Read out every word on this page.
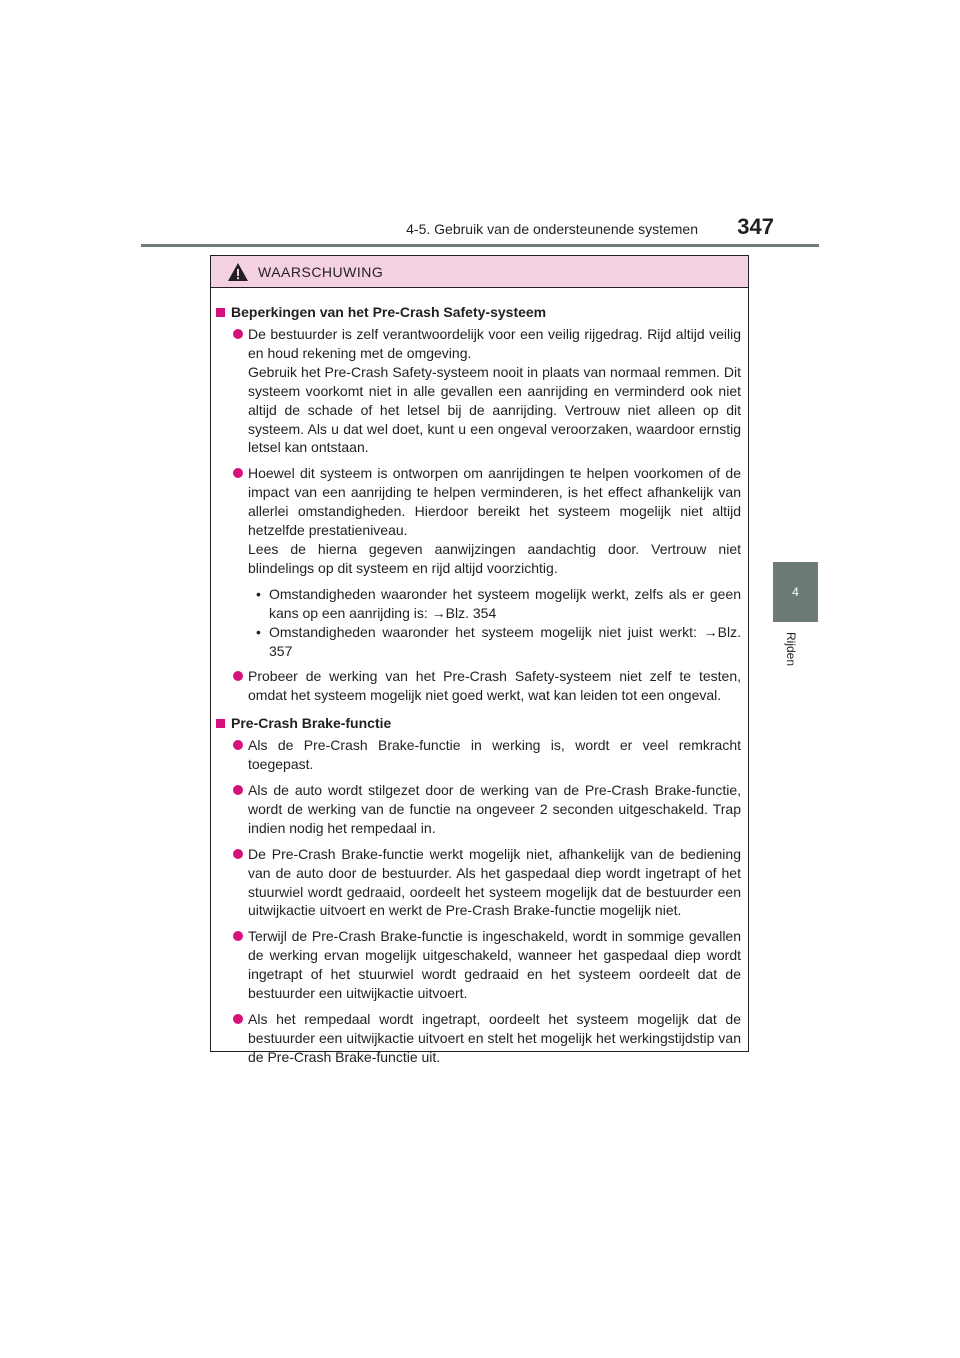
4-5. Gebruik van de ondersteunende systemen 347
4
Rijden
WAARSCHUWING
Beperkingen van het Pre-Crash Safety-systeem

De bestuurder is zelf verantwoordelijk voor een veilig rijgedrag. Rijd altijd veilig en houd rekening met de omgeving.

Gebruik het Pre-Crash Safety-systeem nooit in plaats van normaal remmen. Dit systeem voorkomt niet in alle gevallen een aanrijding en verminderd ook niet altijd de schade of het letsel bij de aanrijding. Vertrouw niet alleen op dit systeem. Als u dat wel doet, kunt u een ongeval veroorzaken, waardoor ernstig letsel kan ontstaan.

Hoewel dit systeem is ontworpen om aanrijdingen te helpen voorkomen of de impact van een aanrijding te helpen verminderen, is het effect afhankelijk van allerlei omstandigheden. Hierdoor bereikt het systeem mogelijk niet altijd hetzelfde prestatieniveau.

Lees de hierna gegeven aanwijzingen aandachtig door. Vertrouw niet blindelings op dit systeem en rijd altijd voorzichtig.

• Omstandigheden waaronder het systeem mogelijk werkt, zelfs als er geen kans op een aanrijding is: →Blz. 354
• Omstandigheden waaronder het systeem mogelijk niet juist werkt: →Blz. 357

Probeer de werking van het Pre-Crash Safety-systeem niet zelf te testen, omdat het systeem mogelijk niet goed werkt, wat kan leiden tot een ongeval.

Pre-Crash Brake-functie

Als de Pre-Crash Brake-functie in werking is, wordt er veel remkracht toegepast.

Als de auto wordt stilgezet door de werking van de Pre-Crash Brake-functie, wordt de werking van de functie na ongeveer 2 seconden uitgeschakeld. Trap indien nodig het rempedaal in.

De Pre-Crash Brake-functie werkt mogelijk niet, afhankelijk van de bediening van de auto door de bestuurder. Als het gaspedaal diep wordt ingetrapt of het stuurwiel wordt gedraaid, oordeelt het systeem mogelijk dat de bestuurder een uitwijkactie uitvoert en werkt de Pre-Crash Brake-functie mogelijk niet.

Terwijl de Pre-Crash Brake-functie is ingeschakeld, wordt in sommige gevallen de werking ervan mogelijk uitgeschakeld, wanneer het gaspedaal diep wordt ingetrapt of het stuurwiel wordt gedraaid en het systeem oordeelt dat de bestuurder een uitwijkactie uitvoert.

Als het rempedaal wordt ingetrapt, oordeelt het systeem mogelijk dat de bestuurder een uitwijkactie uitvoert en stelt het mogelijk het werkingstijdstip van de Pre-Crash Brake-functie uit.
